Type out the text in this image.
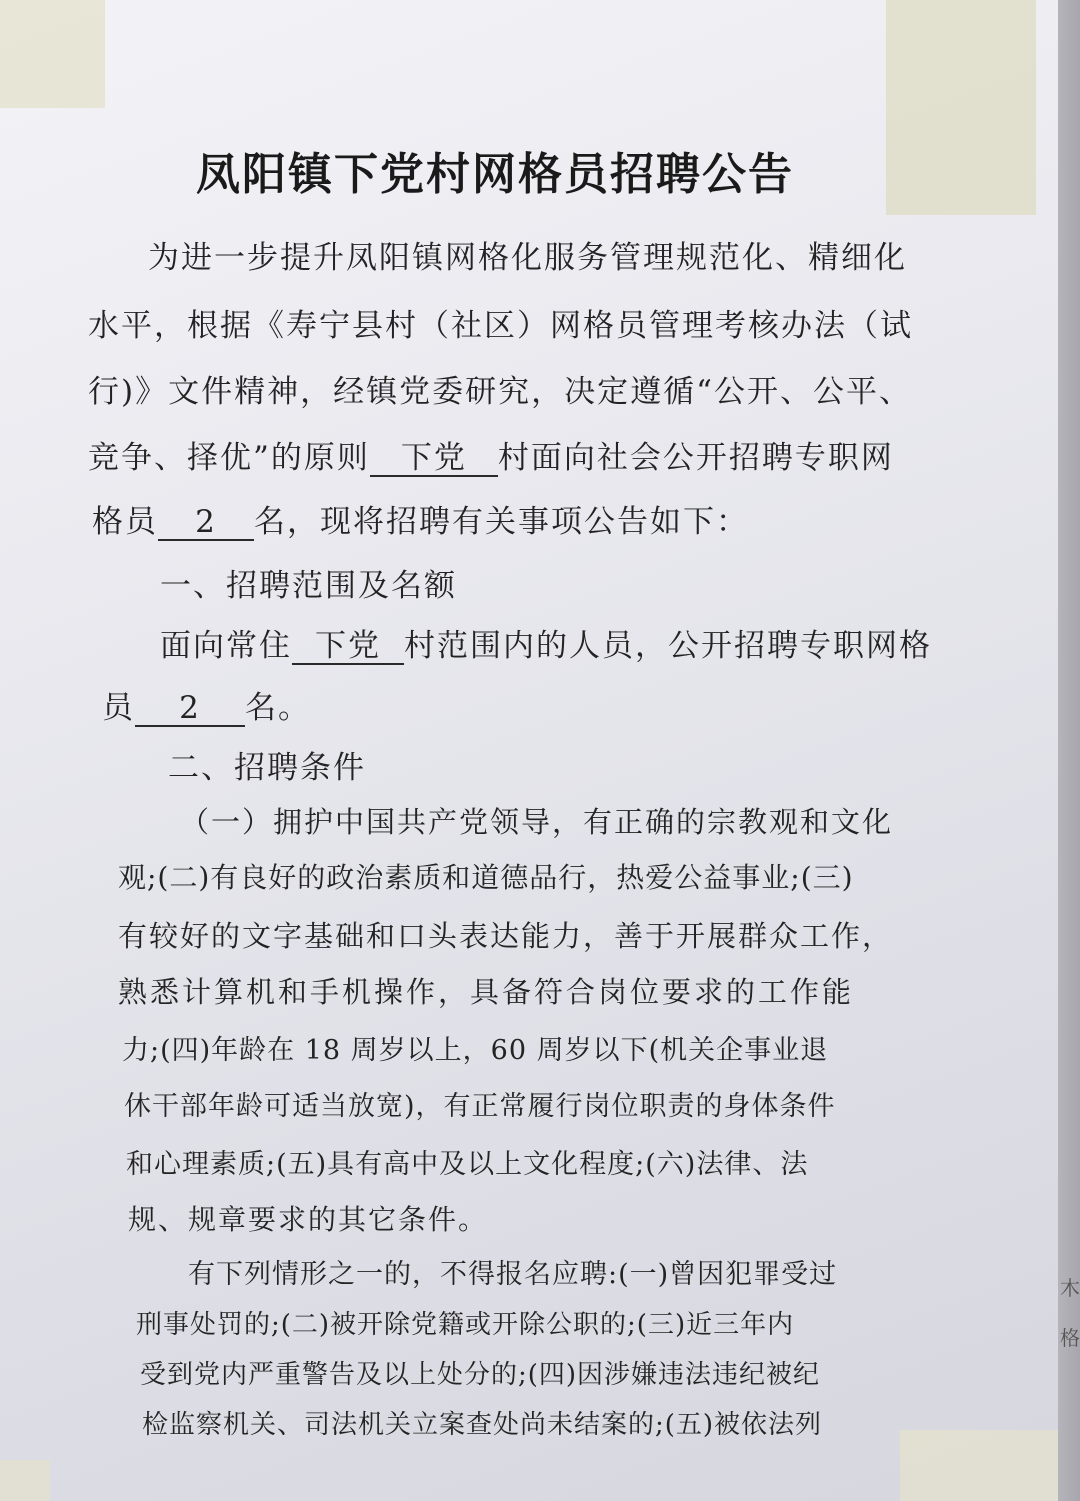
凤阳镇下党村网格员招聘公告
为进一步提升凤阳镇网格化服务管理规范化、精细化
水平，根据《寿宁县村（社区）网格员管理考核办法（试
行)》文件精神，经镇党委研究，决定遵循“公开、公平、
竞争、择优”的原则 下党 村面向社会公开招聘专职网
格员 2 名，现将招聘有关事项公告如下：
一、招聘范围及名额
面向常住 下党 村范围内的人员，公开招聘专职网格
员 2 名。
二、招聘条件
（一）拥护中国共产党领导，有正确的宗教观和文化
观;(二)有良好的政治素质和道德品行，热爱公益事业;(三)
有较好的文字基础和口头表达能力，善于开展群众工作，
熟悉计算机和手机操作，具备符合岗位要求的工作能
力;(四)年龄在 18 周岁以上，60 周岁以下(机关企事业退
休干部年龄可适当放宽)，有正常履行岗位职责的身体条件
和心理素质;(五)具有高中及以上文化程度;(六)法律、法
规、规章要求的其它条件。
有下列情形之一的，不得报名应聘:(一)曾因犯罪受过
刑事处罚的;(二)被开除党籍或开除公职的;(三)近三年内
受到党内严重警告及以上处分的;(四)因涉嫌违法违纪被纪
检监察机关、司法机关立案查处尚未结案的;(五)被依法列
木
格
